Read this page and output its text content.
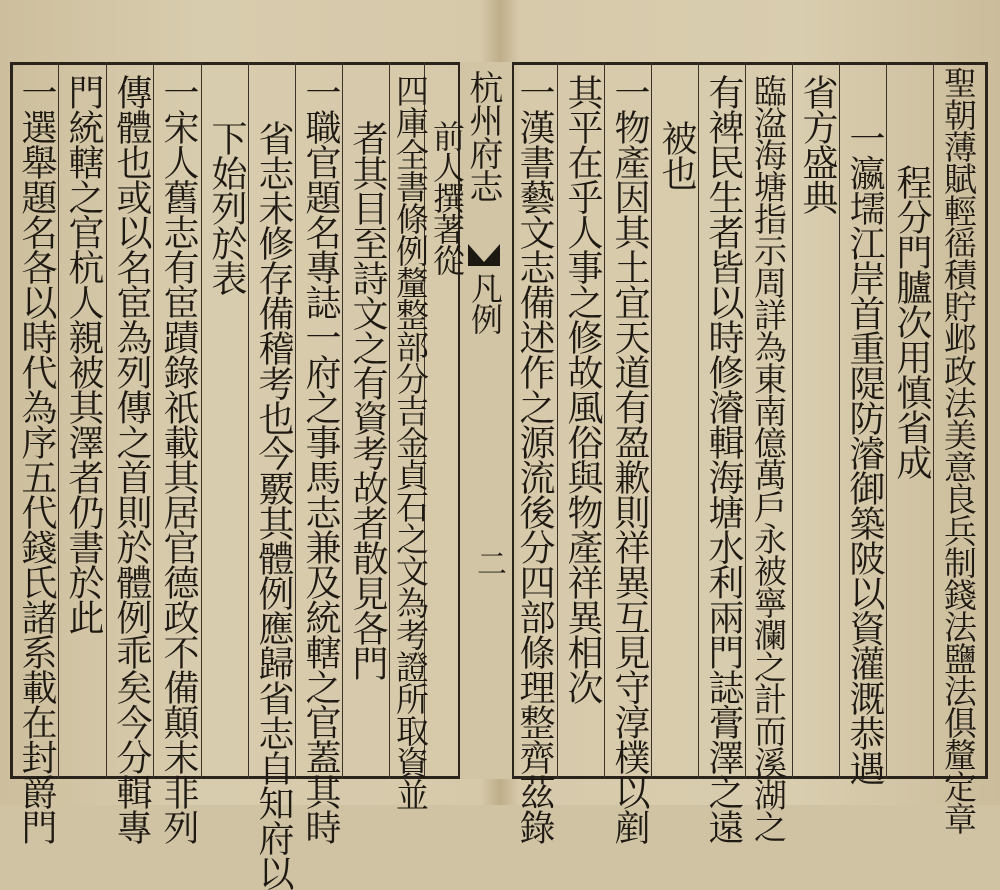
杭州府志
凡例
二
一選舉題名各以時代為序五代錢氏諸系載在封爵門 門統轄之官杭人親被其澤者仍書於此 傳體也或以名宦為列傳之首則於體例乖矣今分輯專 一宋人舊志有宦蹟錄祇載其居官德政不備顛末非列 下始列於表 省志未修存備稽考也今覈其體例應歸省志自知府以 一職官題名專誌一府之事馬志兼及統轄之官蓋其時 者其目至詩文之有資考故者散見各門 四庫全書條例釐整部分吉金貞石之文為考證所取資並
前人撰著從 一漢書藝文志備述作之源流後分四部條理整齊茲錄 其平在乎人事之修故風俗與物產祥異相次 一物產因其土宜天道有盈歉則祥異互見守淳樸以剷 被也 有裨民生者皆以時修濬輯海塘水利兩門誌膏澤之遠 臨湓海塘指示周詳為東南億萬戶永被寧瀾之計而溪湖之 省方盛典 一瀛壖江岸首重隄防濬御築陂以資灌溉恭遇 程分門臚次用慎省成 聖朝薄賦輕徭積貯邺政法美意良兵制錢法鹽法俱釐定章
